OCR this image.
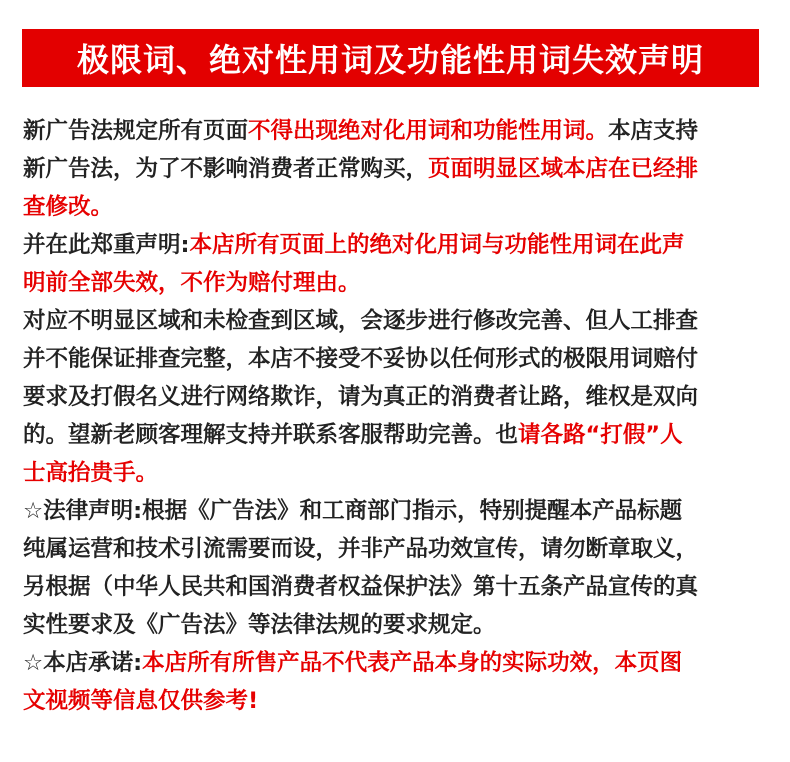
极限词、绝对性用词及功能性用词失效声明
新广告法规定所有页面不得出现绝对化用词和功能性用词。本店支持
新广告法，为了不影响消费者正常购买，页面明显区域本店在已经排
查修改。
并在此郑重声明:本店所有页面上的绝对化用词与功能性用词在此声
明前全部失效，不作为赔付理由。
对应不明显区域和未检查到区域，会逐步进行修改完善、但人工排查
并不能保证排查完整，本店不接受不妥协以任何形式的极限用词赔付
要求及打假名义进行网络欺诈，请为真正的消费者让路，维权是双向
的。望新老顾客理解支持并联系客服帮助完善。也请各路“打假”人
士高抬贵手。
☆法律声明:根据《广告法》和工商部门指示，特别提醒本产品标题
纯属运营和技术引流需要而设，并非产品功效宣传，请勿断章取义，
另根据（中华人民共和国消费者权益保护法》第十五条产品宣传的真
实性要求及《广告法》等法律法规的要求规定。
☆本店承诺:本店所有所售产品不代表产品本身的实际功效，本页图
文视频等信息仅供参考!
